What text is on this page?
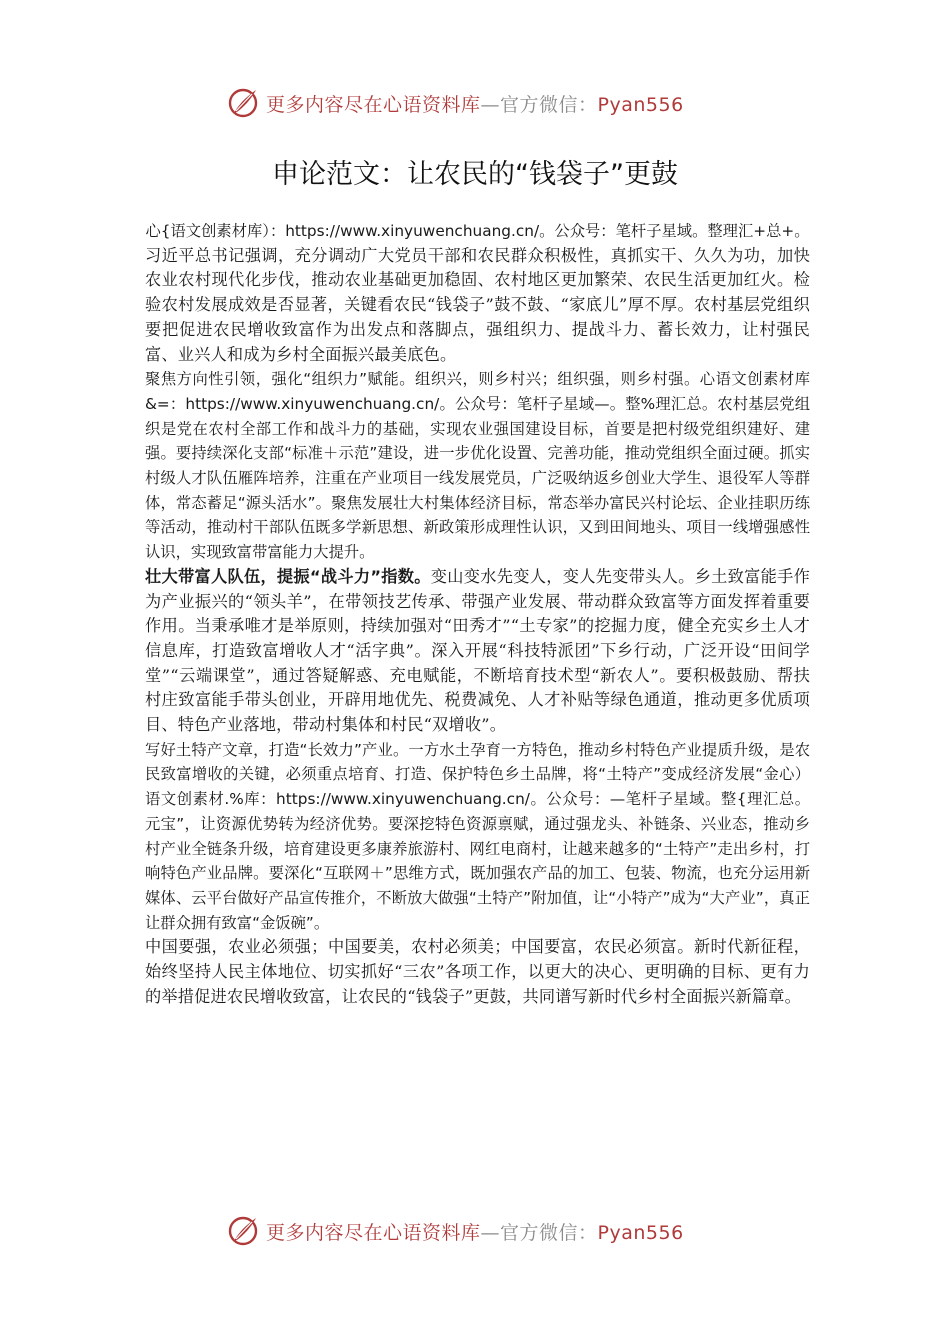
更多内容尽在心语资料库—官方微信：Pyan556
申论范文：让农民的“钱袋子”更鼓

心{语文创素材库）：https://www.xinyuwenchuang.cn/。公众号：笔杆子星域。整理汇+总+。

习近平总书记强调，充分调动广大党员干部和农民群众积极性，真抓实干、久久为功，加快农业农村现代化步伐，推动农业基础更加稳固、农村地区更加繁荣、农民生活更加红火。检验农村发展成效是否显著，关键看农民“钱袋子”鼓不鼓、“家底儿”厚不厚。农村基层党组织要把促进农民增收致富作为出发点和落脚点，强组织力、提战斗力、蓄长效力，让村强民富、业兴人和成为乡村全面振兴最美底色。

聚焦方向性引领，强化“组织力”赋能。组织兴，则乡村兴；组织强，则乡村强。心语文创素材库&=：https://www.xinyuwenchuang.cn/。公众号：笔杆子星域—。整%理汇总。农村基层党组织是党在农村全部工作和战斗力的基础，实现农业强国建设目标，首要是把村级党组织建好、建强。要持续深化支部“标准＋示范”建设，进一步优化设置、完善功能，推动党组织全面过硬。抓实村级人才队伍雁阵培养，注重在产业项目一线发展党员，广泛吸纳返乡创业大学生、退役军人等群体，常态蓄足“源头活水”。聚焦发展壮大村集体经济目标，常态举办富民兴村论坛、企业挂职历练等活动，推动村干部队伍既多学新思想、新政策形成理性认识，又到田间地头、项目一线增强感性认识，实现致富带富能力大提升。

壮大带富人队伍，提振“战斗力”指数。变山变水先变人，变人先变带头人。乡土致富能手作为产业振兴的“领头羊”，在带领技艺传承、带强产业发展、带动群众致富等方面发挥着重要作用。当秉承唯才是举原则，持续加强对“田秀才”“土专家”的挖掘力度，健全充实乡土人才信息库，打造致富增收人才“活字典”。深入开展“科技特派团”下乡行动，广泛开设“田间学堂”“云端课堂”，通过答疑解惑、充电赋能，不断培育技术型“新农人”。要积极鼓励、帮扶村庄致富能手带头创业，开辟用地优先、税费减免、人才补贴等绿色通道，推动更多优质项目、特色产业落地，带动村集体和村民“双增收”。

写好土特产文章，打造“长效力”产业。一方水土孕育一方特色，推动乡村特色产业提质升级，是农民致富增收的关键，必须重点培育、打造、保护特色乡土品牌，将“土特产”变成经济发展“金心）语文创素材.%库：https://www.xinyuwenchuang.cn/。公众号：—笔杆子星域。整{理汇总。元宝”，让资源优势转为经济优势。要深挖特色资源禀赋，通过强龙头、补链条、兴业态，推动乡村产业全链条升级，培育建设更多康养旅游村、网红电商村，让越来越多的“土特产”走出乡村，打响特色产业品牌。要深化“互联网＋”思维方式，既加强农产品的加工、包装、物流，也充分运用新媒体、云平台做好产品宣传推介，不断放大做强“土特产”附加值，让“小特产”成为“大产业”，真正让群众拥有致富“金饭碗”。

中国要强，农业必须强；中国要美，农村必须美；中国要富，农民必须富。新时代新征程，始终坚持人民主体地位、切实抓好“三农”各项工作，以更大的决心、更明确的目标、更有力的举措促进农民增收致富，让农民的“钱袋子”更鼓，共同谱写新时代乡村全面振兴新篇章。

更多内容尽在心语资料库—官方微信：Pyan556
